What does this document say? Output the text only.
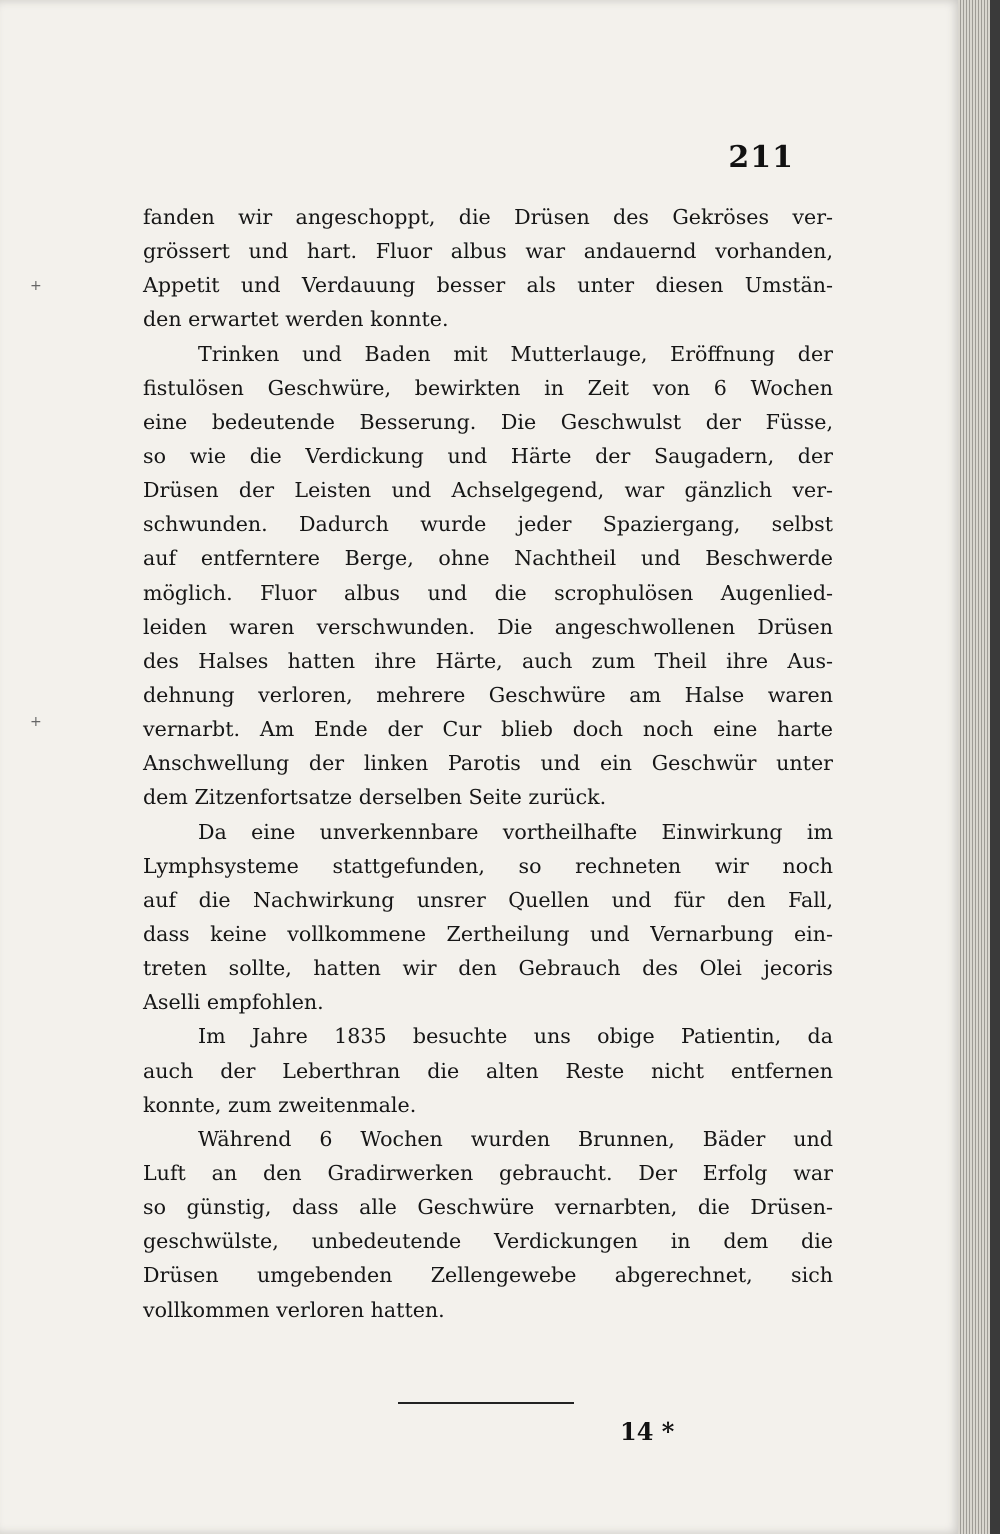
211
fanden wir angeschoppt, die Drüsen des Gekröses ver-
grössert und hart. Fluor albus war andauernd vorhanden,
Appetit und Verdauung besser als unter diesen Umstän-
den erwartet werden konnte.
Trinken und Baden mit Mutterlauge, Eröffnung der
fistulösen Geschwüre, bewirkten in Zeit von 6 Wochen
eine bedeutende Besserung. Die Geschwulst der Füsse,
so wie die Verdickung und Härte der Saugadern, der
Drüsen der Leisten und Achselgegend, war gänzlich ver-
schwunden. Dadurch wurde jeder Spaziergang, selbst
auf entferntere Berge, ohne Nachtheil und Beschwerde
möglich. Fluor albus und die scrophulösen Augenlied-
leiden waren verschwunden. Die angeschwollenen Drüsen
des Halses hatten ihre Härte, auch zum Theil ihre Aus-
dehnung verloren, mehrere Geschwüre am Halse waren
vernarbt. Am Ende der Cur blieb doch noch eine harte
Anschwellung der linken Parotis und ein Geschwür unter
dem Zitzenfortsatze derselben Seite zurück.
Da eine unverkennbare vortheilhafte Einwirkung im
Lymphsysteme stattgefunden, so rechneten wir noch
auf die Nachwirkung unsrer Quellen und für den Fall,
dass keine vollkommene Zertheilung und Vernarbung ein-
treten sollte, hatten wir den Gebrauch des Olei jecoris
Aselli empfohlen.
Im Jahre 1835 besuchte uns obige Patientin, da
auch der Leberthran die alten Reste nicht entfernen
konnte, zum zweitenmale.
Während 6 Wochen wurden Brunnen, Bäder und
Luft an den Gradirwerken gebraucht. Der Erfolg war
so günstig, dass alle Geschwüre vernarbten, die Drüsen-
geschwülste, unbedeutende Verdickungen in dem die
Drüsen umgebenden Zellengewebe abgerechnet, sich
vollkommen verloren hatten.
14 *
+
+
